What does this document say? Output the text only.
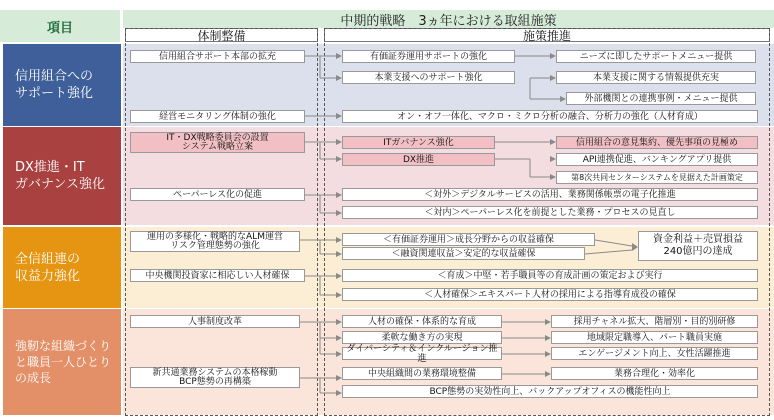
項目	中期的戦略　3ヵ年における取組施策
体制整備	施策推進
信用組合への
サポート強化
DX推進・IT
ガバナンス強化
全信組連の
収益力強化
強靭な組織づくり
と職員一人ひとり
の成長
信用組合サポート本部の拡充
経営モニタリング体制の強化
有価証券運用サポートの強化
本業支援へのサポート強化
オン・オフ一体化、マクロ・ミクロ分析の融合、分析力の強化（人材育成）
ニーズに即したサポートメニュー提供
本業支援に関する情報提供充実
外部機関との連携事例・メニュー提供
IT・DX戦略委員会の設置
システム戦略立案
ペーパーレス化の促進
ITガバナンス強化
DX推進
＜対外＞デジタルサービスの活用、業務関係帳票の電子化推進
＜対内＞ペーパーレス化を前提とした業務・プロセスの見直し
信用組合の意見集約、優先事項の見極め
API連携促進、バンキングアプリ提供
第8次共同センターシステムを見据えた計画策定
運用の多様化・戦略的なALM運営
リスク管理態勢の強化
中央機関投資家に相応しい人材確保
＜有価証券運用＞成長分野からの収益確保
＜融資関連収益＞安定的な収益確保
＜育成＞中堅・若手職員等の育成計画の策定および実行
＜人材確保＞エキスパート人材の採用による指導育成役の確保
資金利益＋売買損益
240億円の達成
人事制度改革
新共通業務システムの本格稼動
BCP態勢の再構築
人材の確保・体系的な育成
柔軟な働き方の実現
ダイバーシティ＆インクルージョン推進
中央組織間の業務環境整備
BCP態勢の実効性向上、バックアップオフィスの機能性向上
採用チャネル拡大、階層別・目的別研修
地域限定職導入、パート職員実施
エンゲージメント向上、女性活躍推進
業務合理化・効率化
